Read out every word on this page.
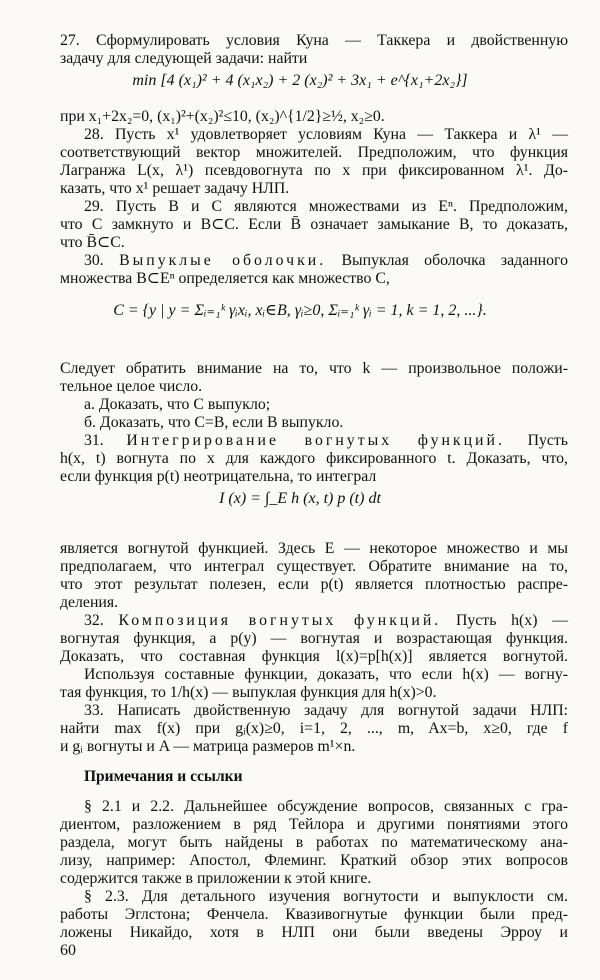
27. Сформулировать условия Куна — Таккера и двойственную
задачу для следующей задачи: найти
min [4 (x₁)² + 4 (x₁x₂) + 2 (x₂)² + 3x₁ + e^{x₁+2x₂}]
при x₁+2x₂=0, (x₁)²+(x₂)²≤10, (x₂)^{1/2}≥½, x₂≥0.
28. Пусть x¹ удовлетворяет условиям Куна — Таккера и λ¹ —
соответствующий вектор множителей. Предположим, что функция
Лагранжа L(x, λ¹) псевдовогнута по x при фиксированном λ¹. До-
казать, что x¹ решает задачу НЛП.
29. Пусть B и C являются множествами из Eⁿ. Предположим,
что C замкнуто и B⊂C. Если B̄ означает замыкание B, то доказать,
что B̄⊂C.
30. Выпуклые оболочки. Выпуклая оболочка заданного
множества B⊂Eⁿ определяется как множество C,
C = {y | y = Σᵢ₌₁ᵏ γᵢxᵢ, xᵢ∈B, γᵢ≥0, Σᵢ₌₁ᵏ γᵢ = 1, k = 1, 2, ...}.
Следует обратить внимание на то, что k — произвольное положи-
тельное целое число.
а. Доказать, что C выпукло;
б. Доказать, что C=B, если B выпукло.
31. Интегрирование вогнутых функций. Пусть
h(x, t) вогнута по x для каждого фиксированного t. Доказать, что,
если функция p(t) неотрицательна, то интеграл
I (x) = ∫_E h (x, t) p (t) dt
является вогнутой функцией. Здесь E — некоторое множество и мы
предполагаем, что интеграл существует. Обратите внимание на то,
что этот результат полезен, если p(t) является плотностью распре-
деления.
32. Композиция вогнутых функций. Пусть h(x) —
вогнутая функция, а p(y) — вогнутая и возрастающая функция.
Доказать, что составная функция l(x)=p[h(x)] является вогнутой.
Используя составные функции, доказать, что если h(x) — вогну-
тая функция, то 1/h(x) — выпуклая функция для h(x)>0.
33. Написать двойственную задачу для вогнутой задачи НЛП:
найти max f(x) при gᵢ(x)≥0, i=1, 2, ..., m, Ax=b, x≥0, где f
и gᵢ вогнуты и A — матрица размеров m¹×n.
Примечания и ссылки
§ 2.1 и 2.2. Дальнейшее обсуждение вопросов, связанных с гра-
диентом, разложением в ряд Тейлора и другими понятиями этого
раздела, могут быть найдены в работах по математическому ана-
лизу, например: Апостол, Флеминг. Краткий обзор этих вопросов
содержится также в приложении к этой книге.
§ 2.3. Для детального изучения вогнутости и выпуклости см.
работы Эглстона; Фенчела. Квазивогнутые функции были пред-
ложены Никайдо, хотя в НЛП они были введены Эрроу и
60
